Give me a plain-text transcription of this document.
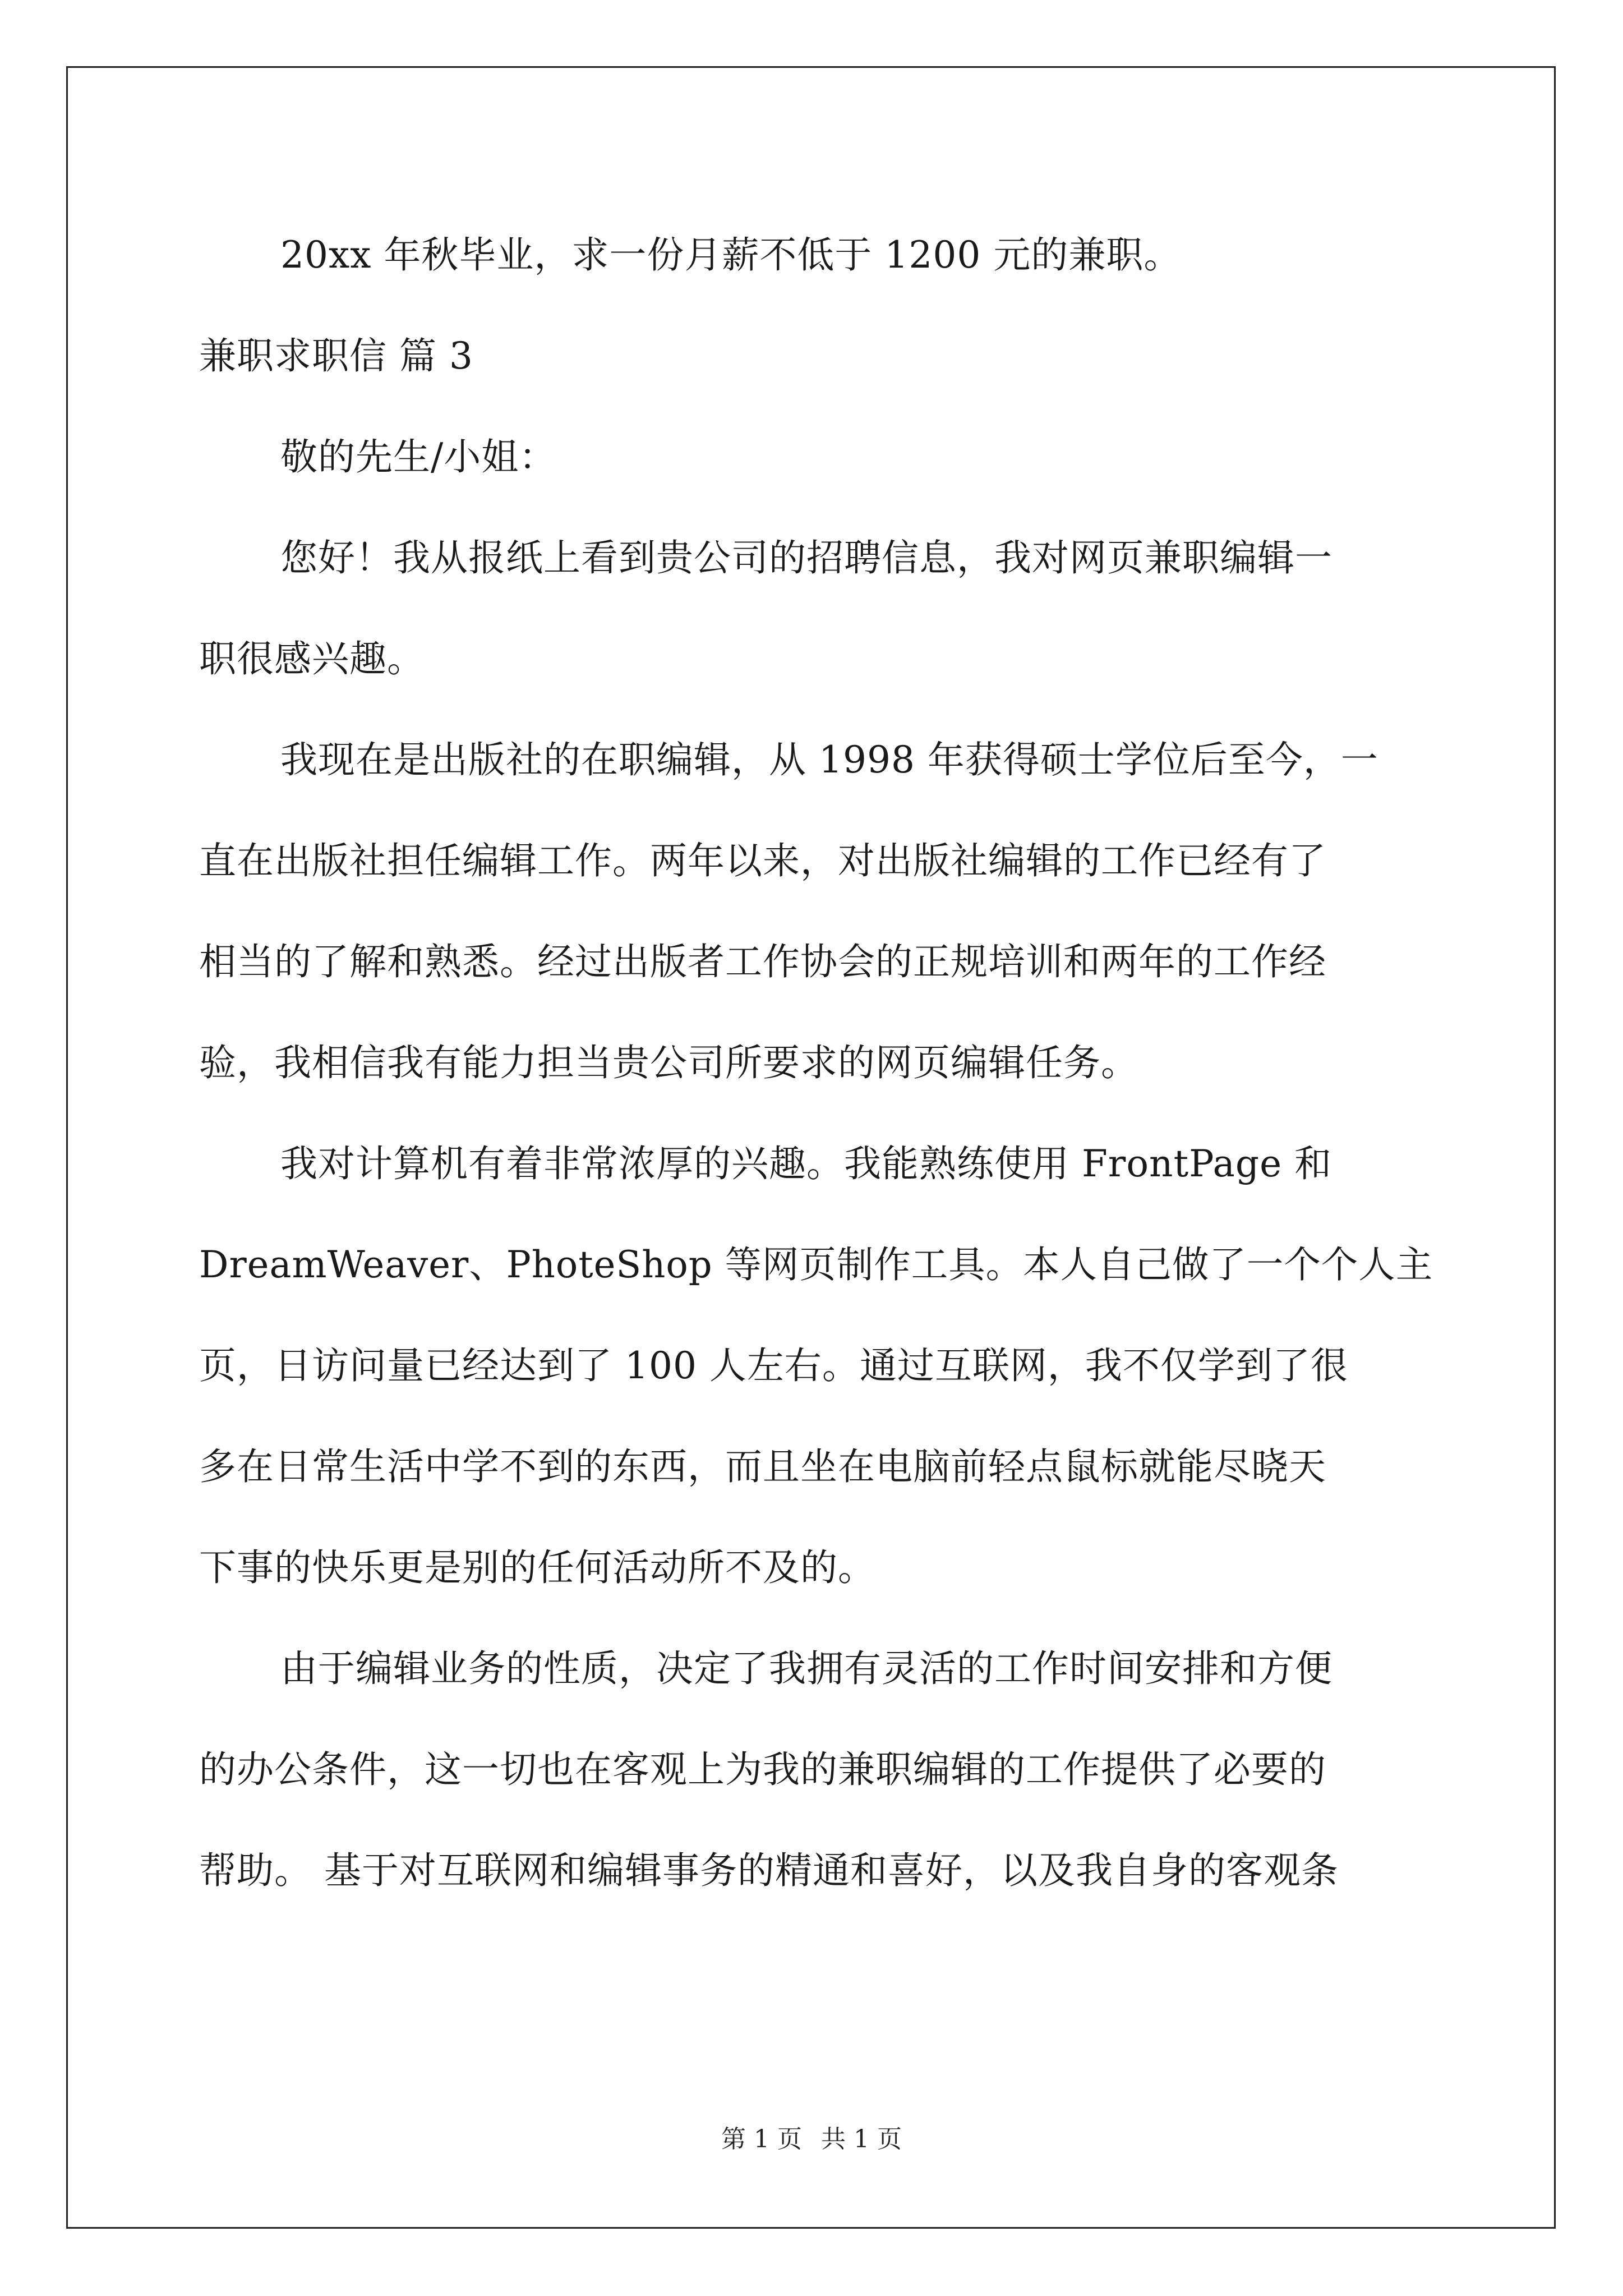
20xx 年秋毕业，求一份月薪不低于 1200 元的兼职。

兼职求职信 篇 3

敬的先生/小姐：

您好！我从报纸上看到贵公司的招聘信息，我对网页兼职编辑一

职很感兴趣。

我现在是出版社的在职编辑，从 1998 年获得硕士学位后至今，一

直在出版社担任编辑工作。两年以来，对出版社编辑的工作已经有了

相当的了解和熟悉。经过出版者工作协会的正规培训和两年的工作经

验，我相信我有能力担当贵公司所要求的网页编辑任务。

我对计算机有着非常浓厚的兴趣。我能熟练使用 FrontPage 和

DreamWeaver、PhoteShop 等网页制作工具。本人自己做了一个个人主

页，日访问量已经达到了 100 人左右。通过互联网，我不仅学到了很

多在日常生活中学不到的东西，而且坐在电脑前轻点鼠标就能尽晓天

下事的快乐更是别的任何活动所不及的。

由于编辑业务的性质，决定了我拥有灵活的工作时间安排和方便

的办公条件，这一切也在客观上为我的兼职编辑的工作提供了必要的

帮助。 基于对互联网和编辑事务的精通和喜好，以及我自身的客观条

第 1 页 共 1 页
